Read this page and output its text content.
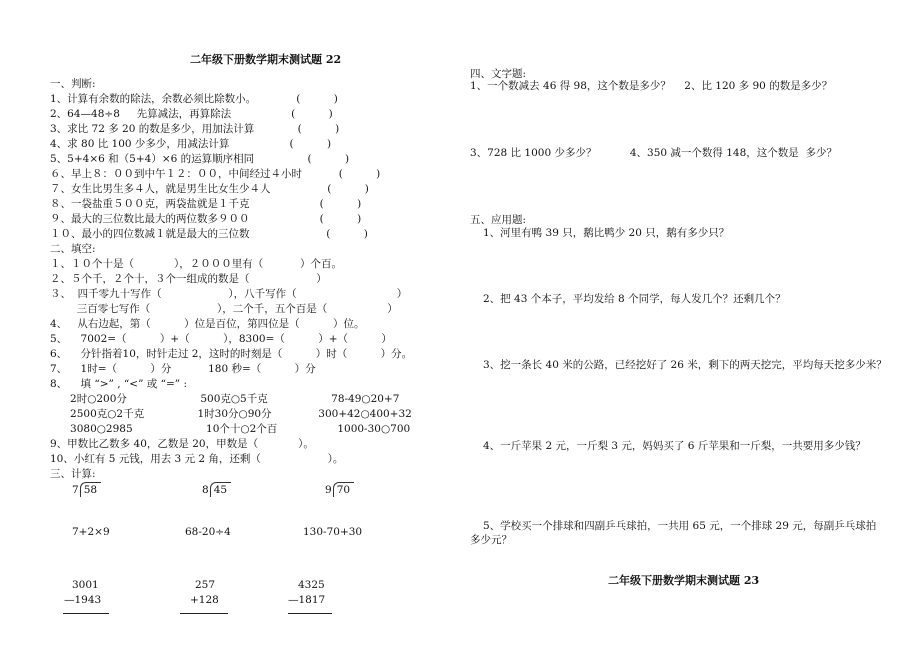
二年级下册数学期末测试题 22
一、判断:
1、计算有余数的除法，余数必须比除数小。            (          )
2、64—48÷8     先算减法，再算除法                  (          )
3、求比 72 多 20 的数是多少，用加法计算             (          )
4、求 80 比 100 少多少，用减法计算                  (          )
5、5+4×6 和（5+4）×6 的运算顺序相同                (          )
６、早上８：００到中午１２：００，中间经过４小时           (          )
７、女生比男生多４人，就是男生比女生少４人                 (          )
８、一袋盐重５００克，两袋盐就是１千克                     (          )
９、最大的三位数比最大的两位数多９００                     (          )
１０、最小的四位数减１就是最大的三位数                       (          )
二、填空:
１、１０个十是（            ），２０００里有（           ）个百。
２、５个千，２个十，３个一组成的数是（                    ）
３、  四千零九十写作（                    ），八千写作（                              ）
三百零七写作（                    ），二个千，五个百是（                  ）
4、   从右边起，第（          ）位是百位，第四位是（          ）位。
5、    7002=（          ）+（          ），8300=（          ）+（          ）
6、    分针指着10，时针走过 2，这时的时刻是（          ）时（          ）分。
7、    1时=（          ）分           180 秒=（          ）分
8、    填 “>” , “<” 或 “=” :
2时○200分                      500克○5千克                   78-49○20+7
2500克○2千克                1时30分○90分              300+42○400+32
3080○2985                      10个十○2个百                  1000-30○700
9、甲数比乙数多 40，乙数是 20，甲数是（            ）。
10、小红有 5 元钱，用去 3 元 2 角，还剩（                    ）。
三、计算:
7 58	8 45	9 70
7+2×9	68-20÷4	130-70+30
3001
—1943
257
+128
4325
—1817
四、文字题:
1、一个数减去 46 得 98，这个数是多少？    2、比 120 多 90 的数是多少？
3、728 比 1000 少多少？          4、350 减一个数得 148，这个数是  多少？
五、应用题:
1、河里有鸭 39 只，鹅比鸭少 20 只，鹅有多少只？
2、把 43 个本子，平均发给 8 个同学，每人发几个？还剩几个？
3、挖一条长 40 米的公路，已经挖好了 26 米，剩下的两天挖完，平均每天挖多少米？
4、一斤苹果 2 元，一斤梨 3 元，妈妈买了 6 斤苹果和一斤梨，一共要用多少钱？
5、学校买一个排球和四副乒乓球拍，一共用 65 元，一个排球 29 元，每副乒乓球拍
多少元？
二年级下册数学期末测试题 23
